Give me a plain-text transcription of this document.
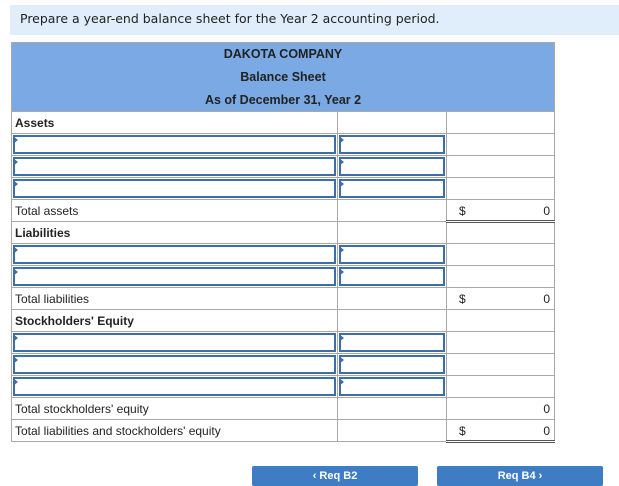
Prepare a year-end balance sheet for the Year 2 accounting period.
DAKOTA COMPANY		
Balance Sheet		
As of December 31, Year 2		
Assets		

Total assets		$ 0

Liabilities		

Total liabilities		$ 0

Stockholders' Equity		

Total stockholders' equity		0

Total liabilities and stockholders' equity		$ 0
‹ Req B2	Req B4 ›
